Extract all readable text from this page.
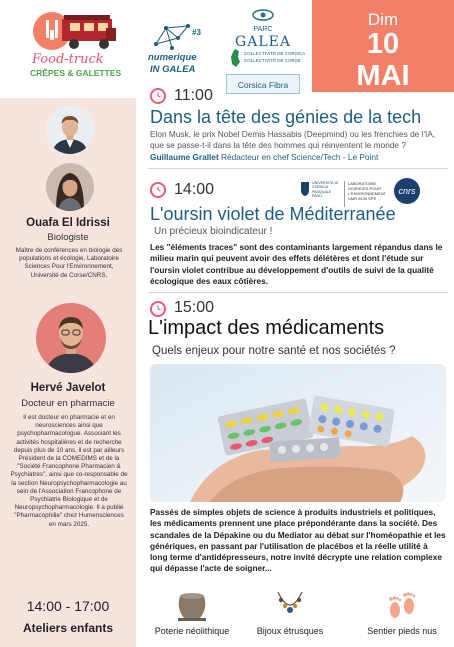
Food-truck
CRÊPES & GALETTES
#3
numerique
IN GALEA
PARC
GALEA
COLLECTIVITÉ DE CORSICA
COLLECTIVITÉ DE CORSE
Corsica Fibra
Dim
10
MAI
Ouafa El Idrissi
Biologiste
Maître de conférences en biologie des populations et écologie, Laboratoire Sciences Pour l'Environnement, Université de Corse/CNRS.
Hervé Javelot
Docteur en pharmacie
Il est docteur en pharmacie et en neurosciences ainsi que psychopharmacologue. Associant les activités hospitalières et de recherche depuis plus de 10 ans, il est par ailleurs Président de la COMEDIMS et de la "Société Francophone Pharmacien & Psychiatres", ainsi que co-responsable de la section Neuropsychopharmacologie au sein de l'Association Francophone de Psychiatrie Biologique et de Neuropsychopharmacologie. Il a publié "Pharmacophilie" chez Humensciences en mars 2025.
14:00 - 17:00
Ateliers enfants
11:00
Dans la tête des génies de la tech
Elon Musk, le prix Nobel Demis Hassabis (Deepmind) ou les frenchies de l'IA, que se passe-t-il dans la tête des hommes qui réinventent le monde ?
Guillaume Grallet Rédacteur en chef Science/Tech - Le Point
14:00	UNIVERSITÀ DI CORSICA PASQUALE PAOLI
LABORATOIRE
SCIENCES POUR
L'ENVIRONNEMENT
UMR 6134 SPE
cnrs
L'oursin violet de Méditerranée
Un précieux bioindicateur !
Les "éléments traces" sont des contaminants largement répandus dans le milieu marin qui peuvent avoir des effets délétères et dont l'étude sur l'oursin violet contribue au développement d'outils de suivi de la qualité écologique des eaux côtières.
15:00
L'impact des médicaments
Quels enjeux pour notre santé et nos sociétés ?
Passés de simples objets de science à produits industriels et politiques, les médicaments prennent une place prépondérante dans la société. Des scandales de la Dépakine ou du Mediator au débat sur l'homéopathie et les génériques, en passant par l'utilisation de placébos et la réelle utilité à long terme d'antidépresseurs, notre invité décrypte une relation complexe qui dépasse l'acte de soigner...
Poterie néolithique	Bijoux étrusques	Sentier pieds nus
